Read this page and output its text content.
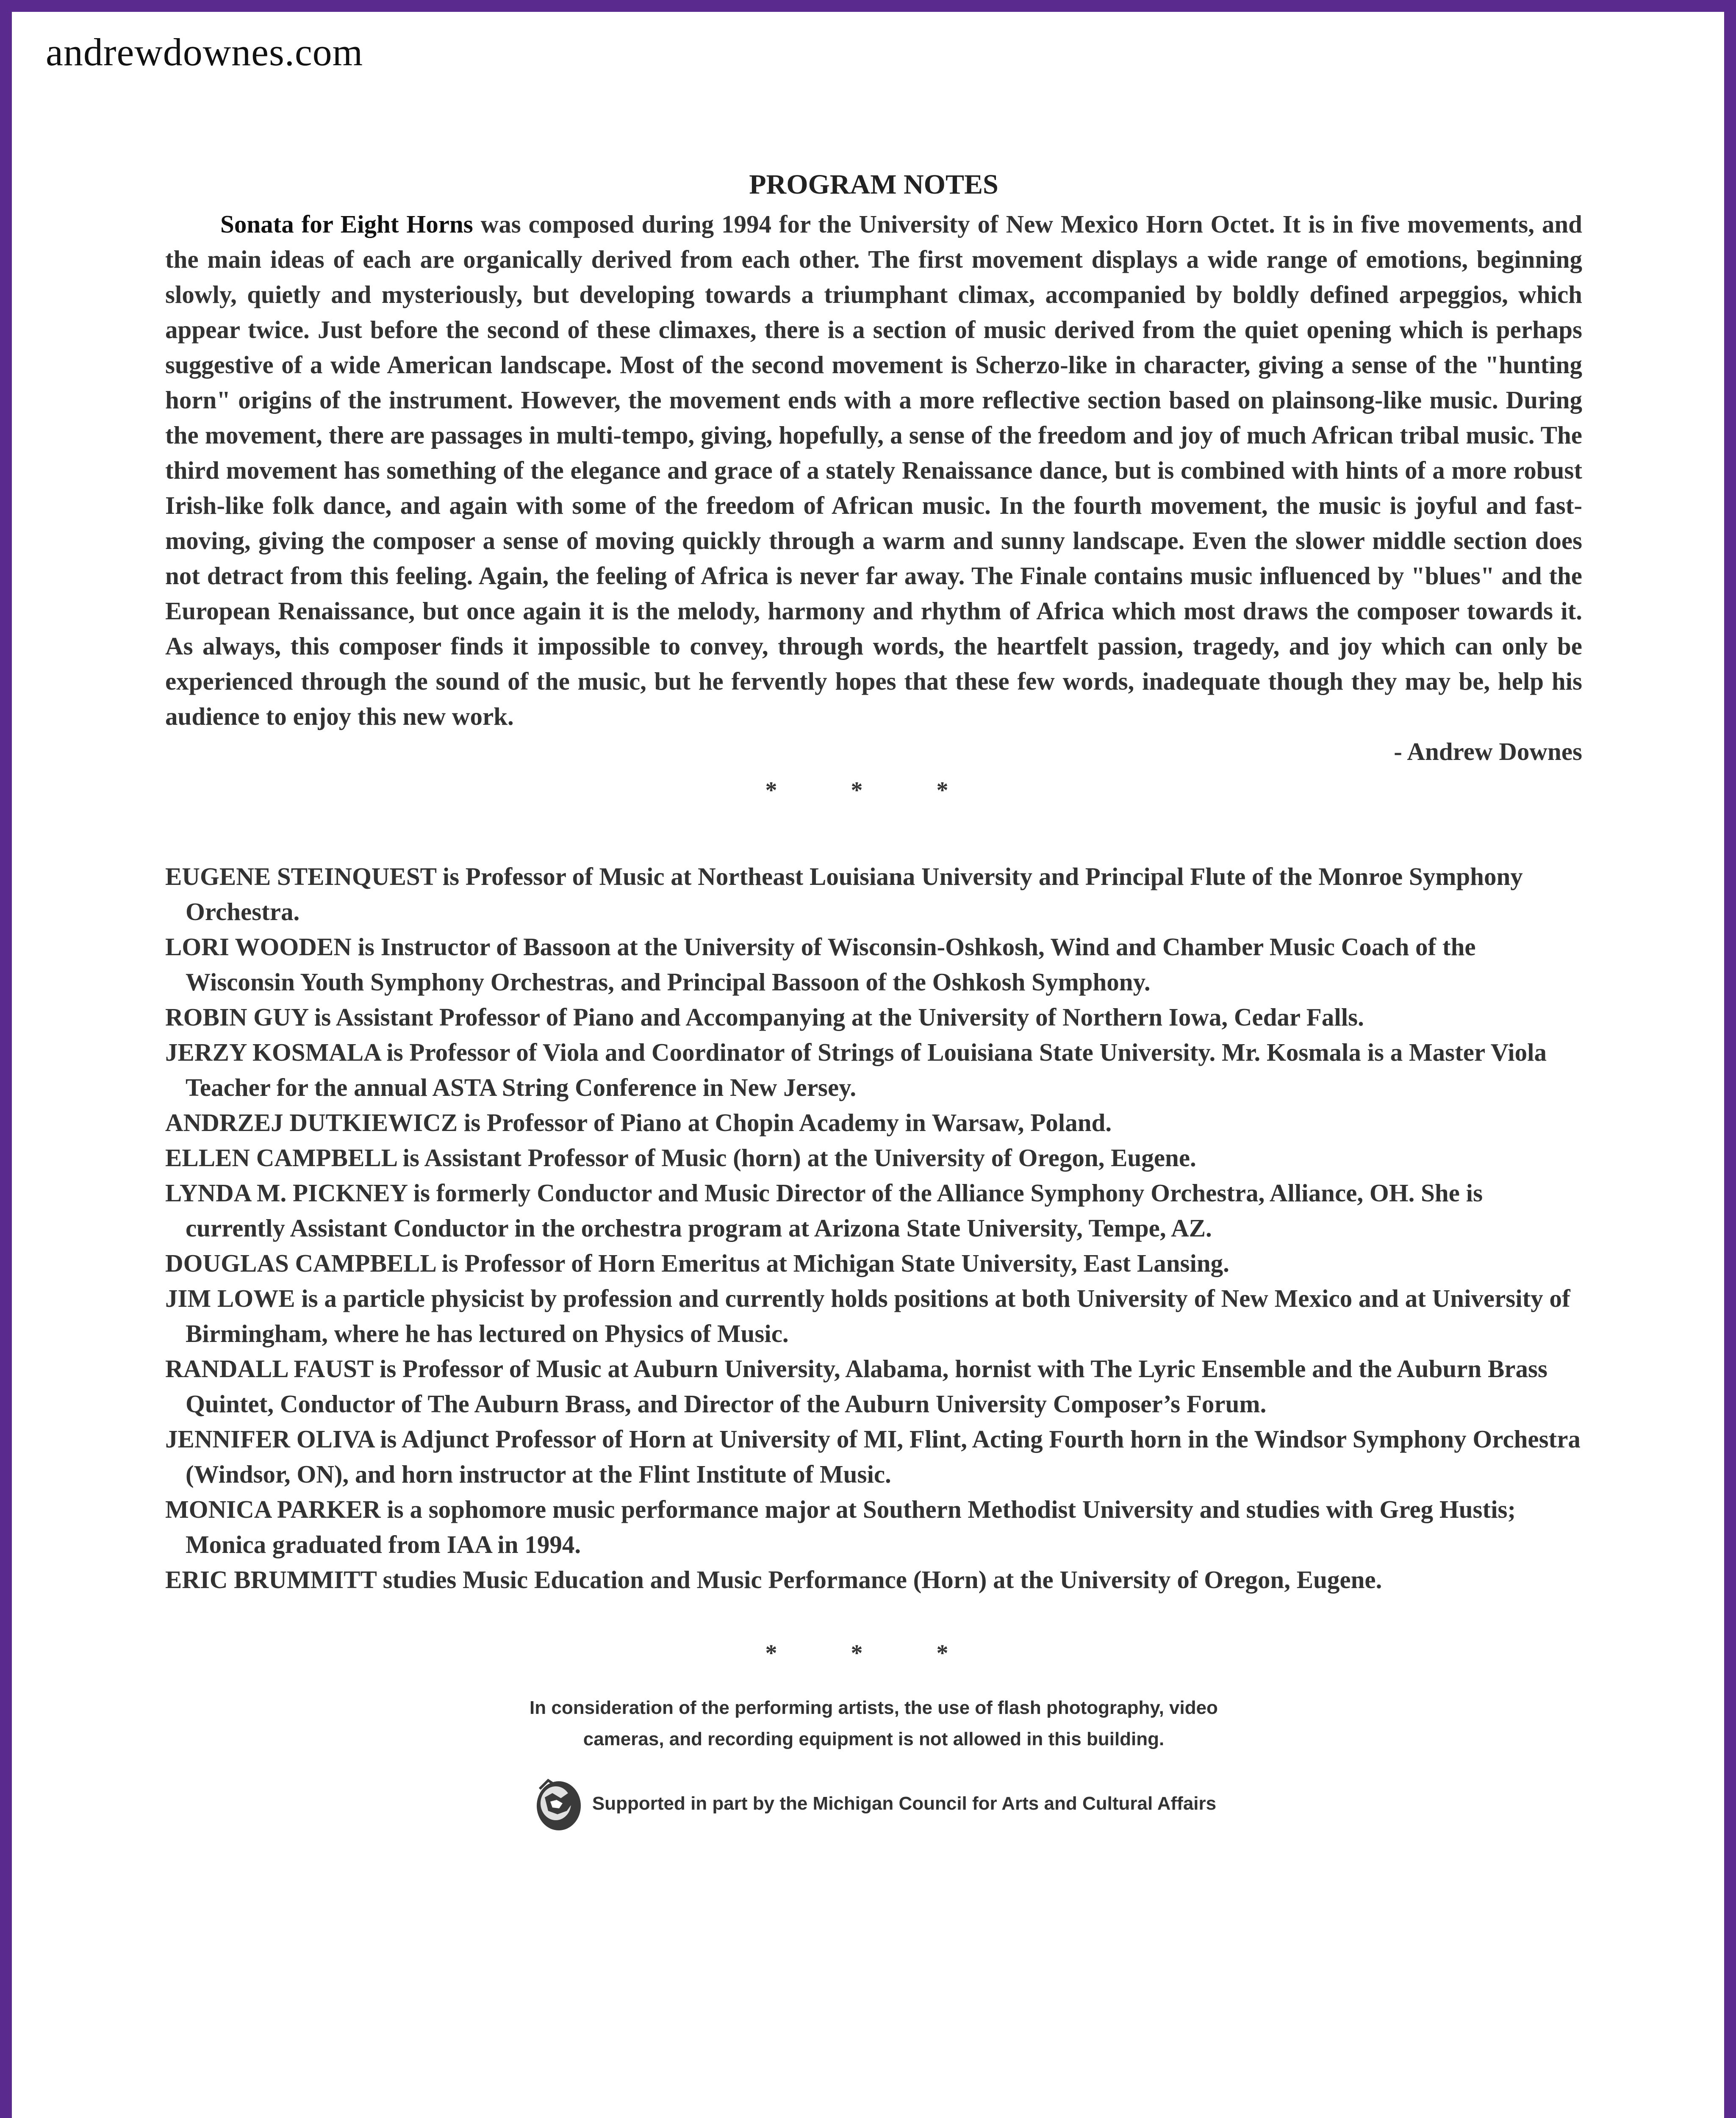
andrewdownes.com
PROGRAM NOTES

Sonata for Eight Horns was composed during 1994 for the University of New Mexico Horn Octet. It is in five movements, and the main ideas of each are organically derived from each other. The first movement displays a wide range of emotions, beginning slowly, quietly and mysteriously, but developing towards a triumphant climax, accompanied by boldly defined arpeggios, which appear twice. Just before the second of these climaxes, there is a section of music derived from the quiet opening which is perhaps suggestive of a wide American landscape. Most of the second movement is Scherzo-like in character, giving a sense of the "hunting horn" origins of the instrument. However, the movement ends with a more reflective section based on plainsong-like music. During the movement, there are passages in multi-tempo, giving, hopefully, a sense of the freedom and joy of much African tribal music. The third movement has something of the elegance and grace of a stately Renaissance dance, but is combined with hints of a more robust Irish-like folk dance, and again with some of the freedom of African music. In the fourth movement, the music is joyful and fast-moving, giving the composer a sense of moving quickly through a warm and sunny landscape. Even the slower middle section does not detract from this feeling. Again, the feeling of Africa is never far away. The Finale contains music influenced by "blues" and the European Renaissance, but once again it is the melody, harmony and rhythm of Africa which most draws the composer towards it. As always, this composer finds it impossible to convey, through words, the heartfelt passion, tragedy, and joy which can only be experienced through the sound of the music, but he fervently hopes that these few words, inadequate though they may be, help his audience to enjoy this new work.

- Andrew Downes

* * *

EUGENE STEINQUEST is Professor of Music at Northeast Louisiana University and Principal Flute of the Monroe Symphony Orchestra.

LORI WOODEN is Instructor of Bassoon at the University of Wisconsin-Oshkosh, Wind and Chamber Music Coach of the Wisconsin Youth Symphony Orchestras, and Principal Bassoon of the Oshkosh Symphony.

ROBIN GUY is Assistant Professor of Piano and Accompanying at the University of Northern Iowa, Cedar Falls.

JERZY KOSMALA is Professor of Viola and Coordinator of Strings of Louisiana State University. Mr. Kosmala is a Master Viola Teacher for the annual ASTA String Conference in New Jersey.

ANDRZEJ DUTKIEWICZ is Professor of Piano at Chopin Academy in Warsaw, Poland.

ELLEN CAMPBELL is Assistant Professor of Music (horn) at the University of Oregon, Eugene.

LYNDA M. PICKNEY is formerly Conductor and Music Director of the Alliance Symphony Orchestra, Alliance, OH. She is currently Assistant Conductor in the orchestra program at Arizona State University, Tempe, AZ.

DOUGLAS CAMPBELL is Professor of Horn Emeritus at Michigan State University, East Lansing.

JIM LOWE is a particle physicist by profession and currently holds positions at both University of New Mexico and at University of Birmingham, where he has lectured on Physics of Music.

RANDALL FAUST is Professor of Music at Auburn University, Alabama, hornist with The Lyric Ensemble and the Auburn Brass Quintet, Conductor of The Auburn Brass, and Director of the Auburn University Composer’s Forum.

JENNIFER OLIVA is Adjunct Professor of Horn at University of MI, Flint, Acting Fourth horn in the Windsor Symphony Orchestra (Windsor, ON), and horn instructor at the Flint Institute of Music.

MONICA PARKER is a sophomore music performance major at Southern Methodist University and studies with Greg Hustis; Monica graduated from IAA in 1994.

ERIC BRUMMITT studies Music Education and Music Performance (Horn) at the University of Oregon, Eugene.

* * *

In consideration of the performing artists, the use of flash photography, video
cameras, and recording equipment is not allowed in this building.

Supported in part by the Michigan Council for Arts and Cultural Affairs
